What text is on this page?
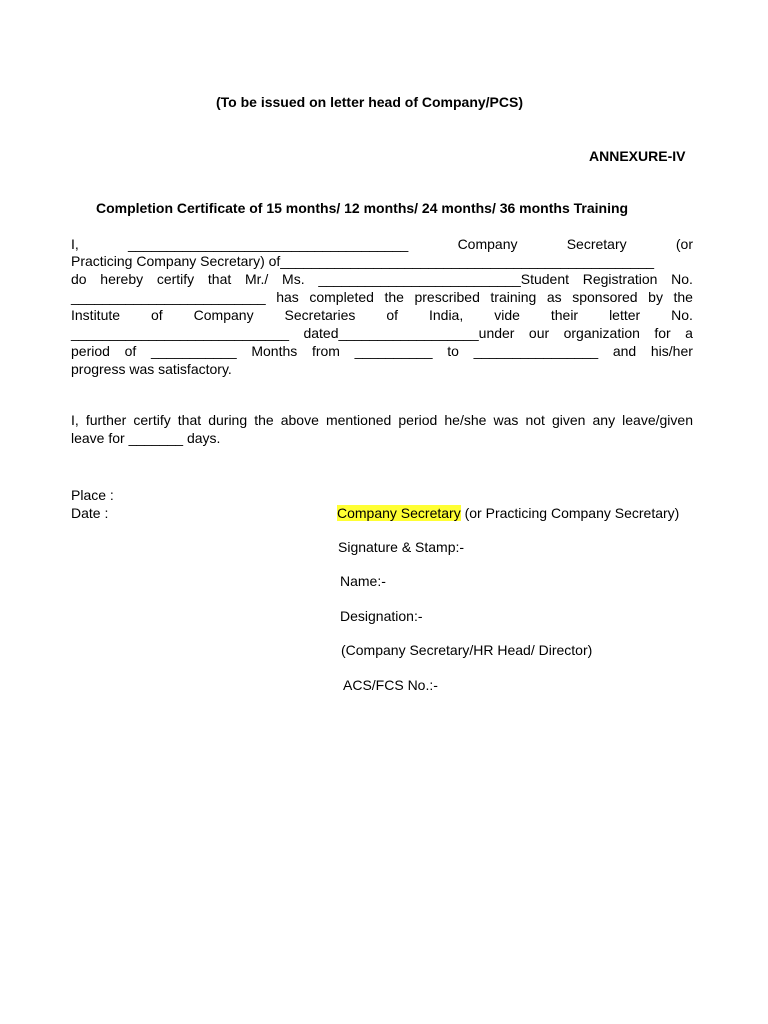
(To be issued on letter head of Company/PCS)
ANNEXURE-IV
Completion Certificate of 15 months/ 12 months/ 24 months/ 36 months Training
I,	____________________________________	Company	Secretary	(or
Practicing Company Secretary) of________________________________________________
do hereby certify that Mr./ Ms. __________________________Student Registration No.
_________________________ has completed the prescribed training as sponsored by the
Institute of Company Secretaries of India, vide their letter No.
____________________________ dated__________________under our organization for a
period of ___________ Months from __________ to ________________ and his/her
progress was satisfactory.
I, further certify that during the above mentioned period he/she was not given any leave/given
leave for _______ days.
Place :
Date :	Company Secretary (or Practicing Company Secretary)
Signature & Stamp:-
Name:-
Designation:-
(Company Secretary/HR Head/ Director)
ACS/FCS No.:-
